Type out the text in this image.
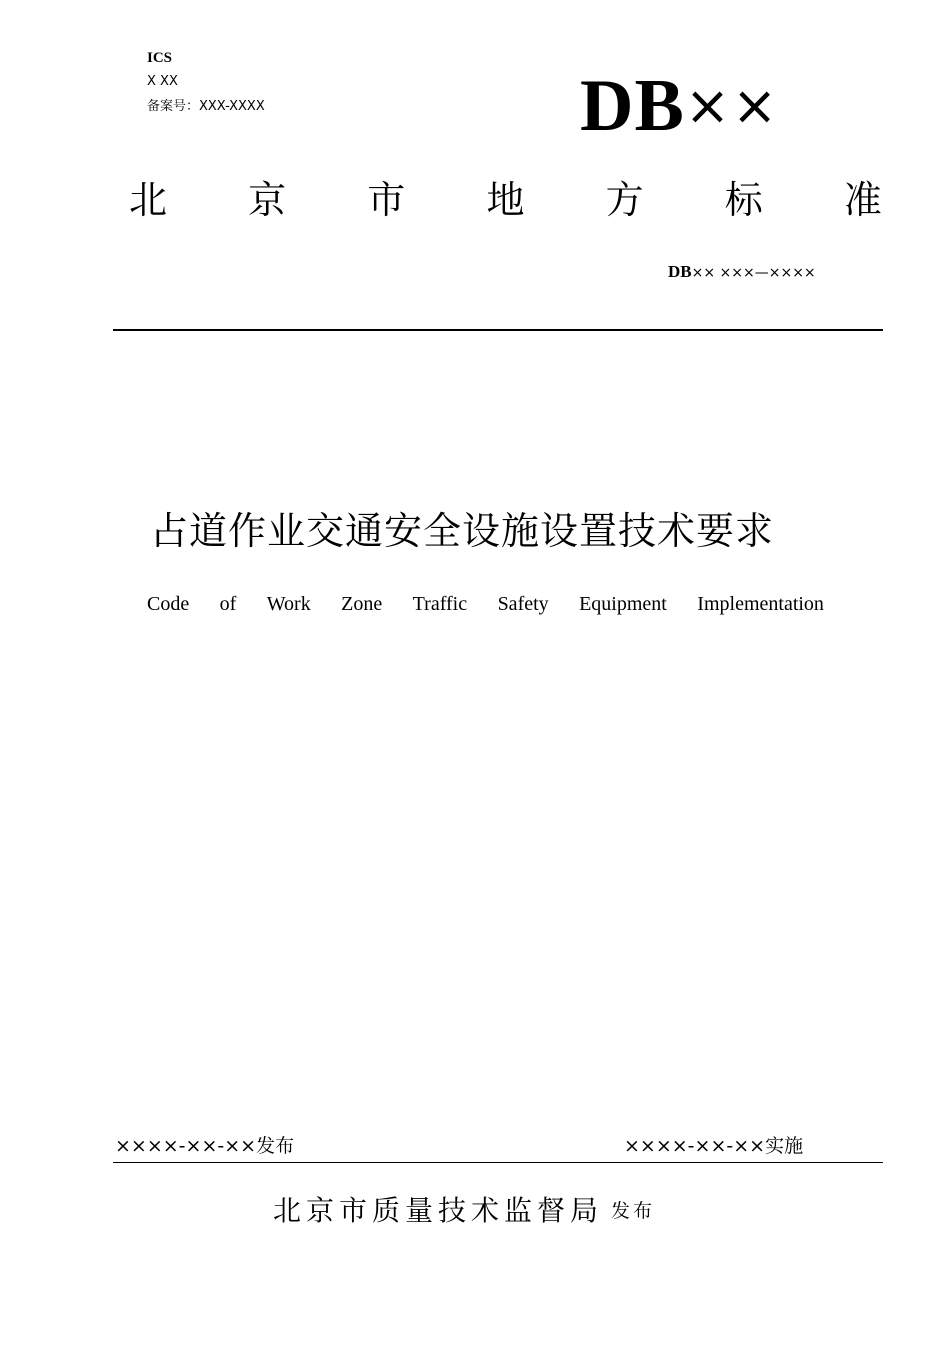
ICS
X XX
备案号：XXX-XXXX	DB××
北 京 市 地 方 标 准
DB×× ×××—××××
占道作业交通安全设施设置技术要求
Code of Work Zone Traffic Safety Equipment Implementation
××××-××-××发布	××××-××-××实施
北京市质量技术监督局 发布
